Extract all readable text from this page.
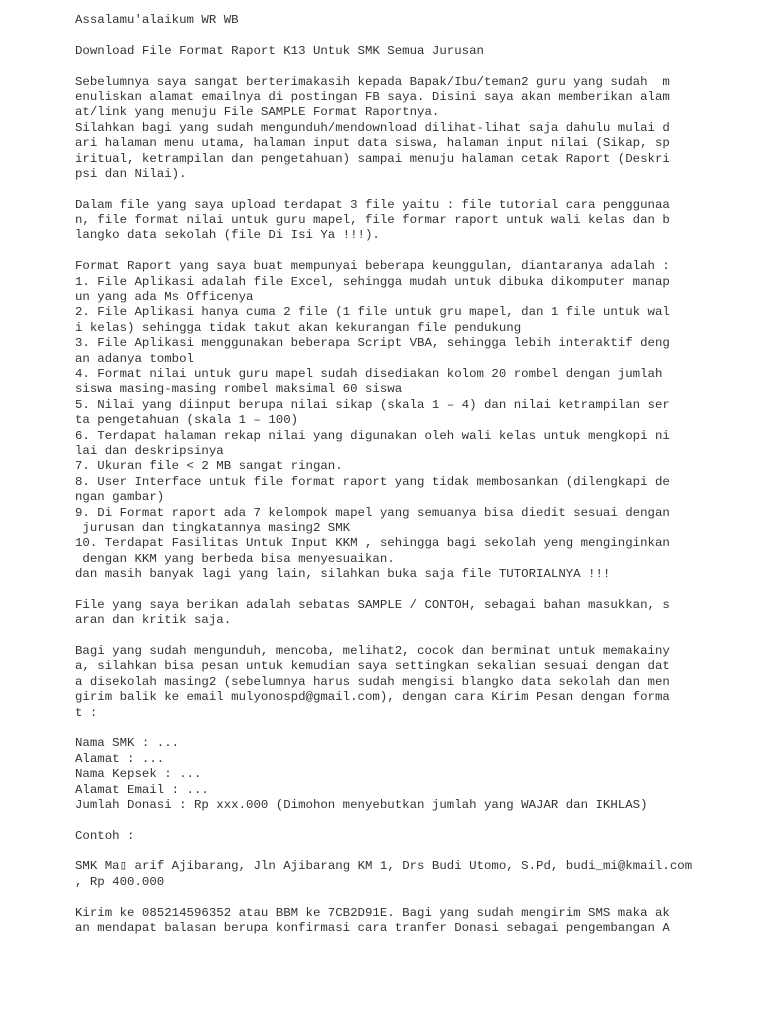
Assalamu'alaikum WR WB
Download File Format Raport K13 Untuk SMK Semua Jurusan
Sebelumnya saya sangat berterimakasih kepada Bapak/Ibu/teman2 guru yang sudah  m
enuliskan alamat emailnya di postingan FB saya. Disini saya akan memberikan alam
at/link yang menuju File SAMPLE Format Raportnya.
Silahkan bagi yang sudah mengunduh/mendownload dilihat-lihat saja dahulu mulai d
ari halaman menu utama, halaman input data siswa, halaman input nilai (Sikap, sp
iritual, ketrampilan dan pengetahuan) sampai menuju halaman cetak Raport (Deskri
psi dan Nilai).
Dalam file yang saya upload terdapat 3 file yaitu : file tutorial cara penggunaa
n, file format nilai untuk guru mapel, file formar raport untuk wali kelas dan b
langko data sekolah (file Di Isi Ya !!!).
Format Raport yang saya buat mempunyai beberapa keunggulan, diantaranya adalah :
1. File Aplikasi adalah file Excel, sehingga mudah untuk dibuka dikomputer manap
un yang ada Ms Officenya
2. File Aplikasi hanya cuma 2 file (1 file untuk gru mapel, dan 1 file untuk wal
i kelas) sehingga tidak takut akan kekurangan file pendukung
3. File Aplikasi menggunakan beberapa Script VBA, sehingga lebih interaktif deng
an adanya tombol
4. Format nilai untuk guru mapel sudah disediakan kolom 20 rombel dengan jumlah
siswa masing-masing rombel maksimal 60 siswa
5. Nilai yang diinput berupa nilai sikap (skala 1 – 4) dan nilai ketrampilan ser
ta pengetahuan (skala 1 – 100)
6. Terdapat halaman rekap nilai yang digunakan oleh wali kelas untuk mengkopi ni
lai dan deskripsinya
7. Ukuran file < 2 MB sangat ringan.
8. User Interface untuk file format raport yang tidak membosankan (dilengkapi de
ngan gambar)
9. Di Format raport ada 7 kelompok mapel yang semuanya bisa diedit sesuai dengan
jurusan dan tingkatannya masing2 SMK
10. Terdapat Fasilitas Untuk Input KKM , sehingga bagi sekolah yeng menginginkan
dengan KKM yang berbeda bisa menyesuaikan.
dan masih banyak lagi yang lain, silahkan buka saja file TUTORIALNYA !!!
File yang saya berikan adalah sebatas SAMPLE / CONTOH, sebagai bahan masukkan, s
aran dan kritik saja.
Bagi yang sudah mengunduh, mencoba, melihat2, cocok dan berminat untuk memakainy
a, silahkan bisa pesan untuk kemudian saya settingkan sekalian sesuai dengan dat
a disekolah masing2 (sebelumnya harus sudah mengisi blangko data sekolah dan men
girim balik ke email mulyonospd@gmail.com), dengan cara Kirim Pesan dengan forma
t :
Nama SMK : ...
Alamat : ...
Nama Kepsek : ...
Alamat Email : ...
Jumlah Donasi : Rp xxx.000 (Dimohon menyebutkan jumlah yang WAJAR dan IKHLAS)
Contoh :
SMK Ma▯ arif Ajibarang, Jln Ajibarang KM 1, Drs Budi Utomo, S.Pd, budi_mi@kmail.com
, Rp 400.000
Kirim ke 085214596352 atau BBM ke 7CB2D91E. Bagi yang sudah mengirim SMS maka ak
an mendapat balasan berupa konfirmasi cara tranfer Donasi sebagai pengembangan A
